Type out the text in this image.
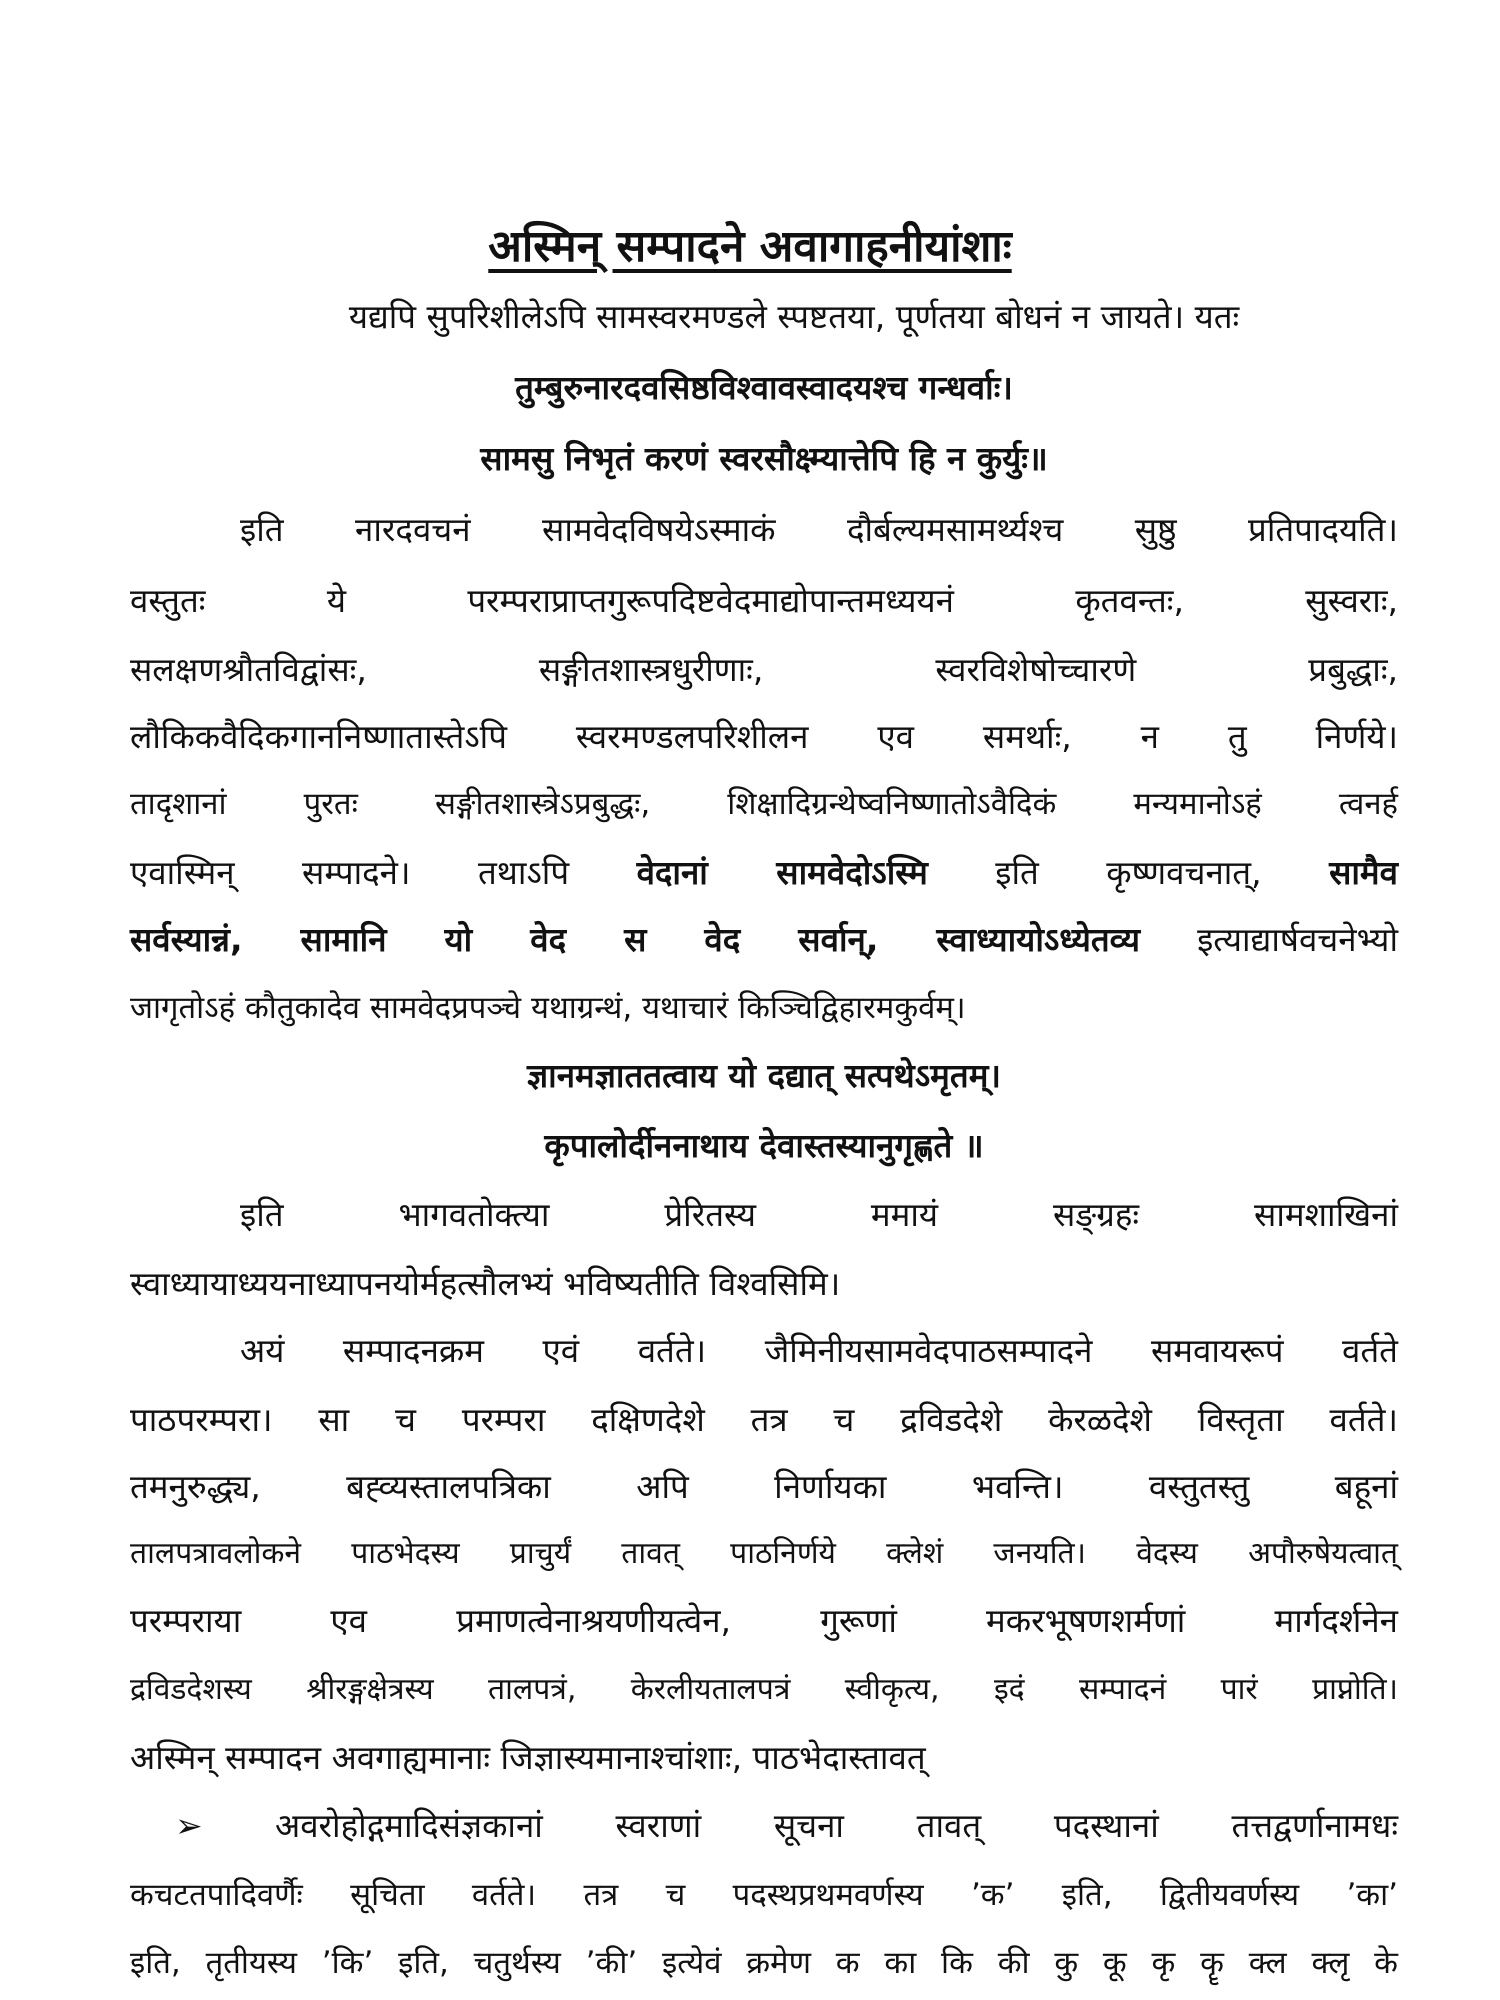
अस्मिन् सम्पादने अवागाहनीयांशाः
यद्यपि सुपरिशीलेऽपि सामस्वरमण्डले स्पष्टतया, पूर्णतया बोधनं न जायते। यतः
तुम्बुरुनारदवसिष्ठविश्वावस्वादयश्च गन्धर्वाः।
सामसु निभृतं करणं स्वरसौक्ष्म्यात्तेपि हि न कुर्युः॥
इति नारदवचनं सामवेदविषयेऽस्माकं दौर्बल्यमसामर्थ्यश्च सुष्ठु प्रतिपादयति।
वस्तुतः ये परम्पराप्राप्तगुरूपदिष्टवेदमाद्योपान्तमध्ययनं कृतवन्तः, सुस्वराः,
सलक्षणश्रौतविद्वांसः, सङ्गीतशास्त्रधुरीणाः, स्वरविशेषोच्चारणे प्रबुद्धाः,
लौकिकवैदिकगाननिष्णातास्तेऽपि स्वरमण्डलपरिशीलन एव समर्थाः, न तु निर्णये।
तादृशानां पुरतः सङ्गीतशास्त्रेऽप्रबुद्धः, शिक्षादिग्रन्थेष्वनिष्णातोऽवैदिकं मन्यमानोऽहं त्वनर्ह
एवास्मिन् सम्पादने। तथाऽपि वेदानां सामवेदोऽस्मि इति कृष्णवचनात्, सामैव
सर्वस्यान्नं, सामानि यो वेद स वेद सर्वान्, स्वाध्यायोऽध्येतव्य इत्याद्यार्षवचनेभ्यो
जागृतोऽहं कौतुकादेव सामवेदप्रपञ्चे यथाग्रन्थं, यथाचारं किञ्चिद्विहारमकुर्वम्।
ज्ञानमज्ञाततत्वाय यो दद्यात् सत्पथेऽमृतम्।
कृपालोर्दीननाथाय देवास्तस्यानुगृह्णते ॥
इति भागवतोक्त्या प्रेरितस्य ममायं सङ्ग्रहः सामशाखिनां
स्वाध्यायाध्ययनाध्यापनयोर्महत्सौलभ्यं भविष्यतीति विश्वसिमि।
अयं सम्पादनक्रम एवं वर्तते। जैमिनीयसामवेदपाठसम्पादने समवायरूपं वर्तते
पाठपरम्परा। सा च परम्परा दक्षिणदेशे तत्र च द्रविडदेशे केरळदेशे विस्तृता वर्तते।
तमनुरुद्ध्य, बह्व्यस्तालपत्रिका अपि निर्णायका भवन्ति। वस्तुतस्तु बहूनां
तालपत्रावलोकने पाठभेदस्य प्राचुर्यं तावत् पाठनिर्णये क्लेशं जनयति। वेदस्य अपौरुषेयत्वात्
परम्पराया एव प्रमाणत्वेनाश्रयणीयत्वेन, गुरूणां मकरभूषणशर्मणां मार्गदर्शनेन
द्रविडदेशस्य श्रीरङ्गक्षेत्रस्य तालपत्रं, केरलीयतालपत्रं स्वीकृत्य, इदं सम्पादनं पारं प्राप्नोति।
अस्मिन् सम्पादन अवगाह्यमानाः जिज्ञास्यमानाश्चांशाः, पाठभेदास्तावत्
➢	अवरोहोद्गमादिसंज्ञकानां स्वराणां सूचना तावत् पदस्थानां तत्तद्वर्णानामधः
कचटतपादिवर्णैः सूचिता वर्तते। तत्र च पदस्थप्रथमवर्णस्य ’क’ इति, द्वितीयवर्णस्य ’का’
इति, तृतीयस्य ’कि’ इति, चतुर्थस्य ’की’ इत्येवं क्रमेण क का कि की कु कू कृ कॄ क्ल क्लृ के
